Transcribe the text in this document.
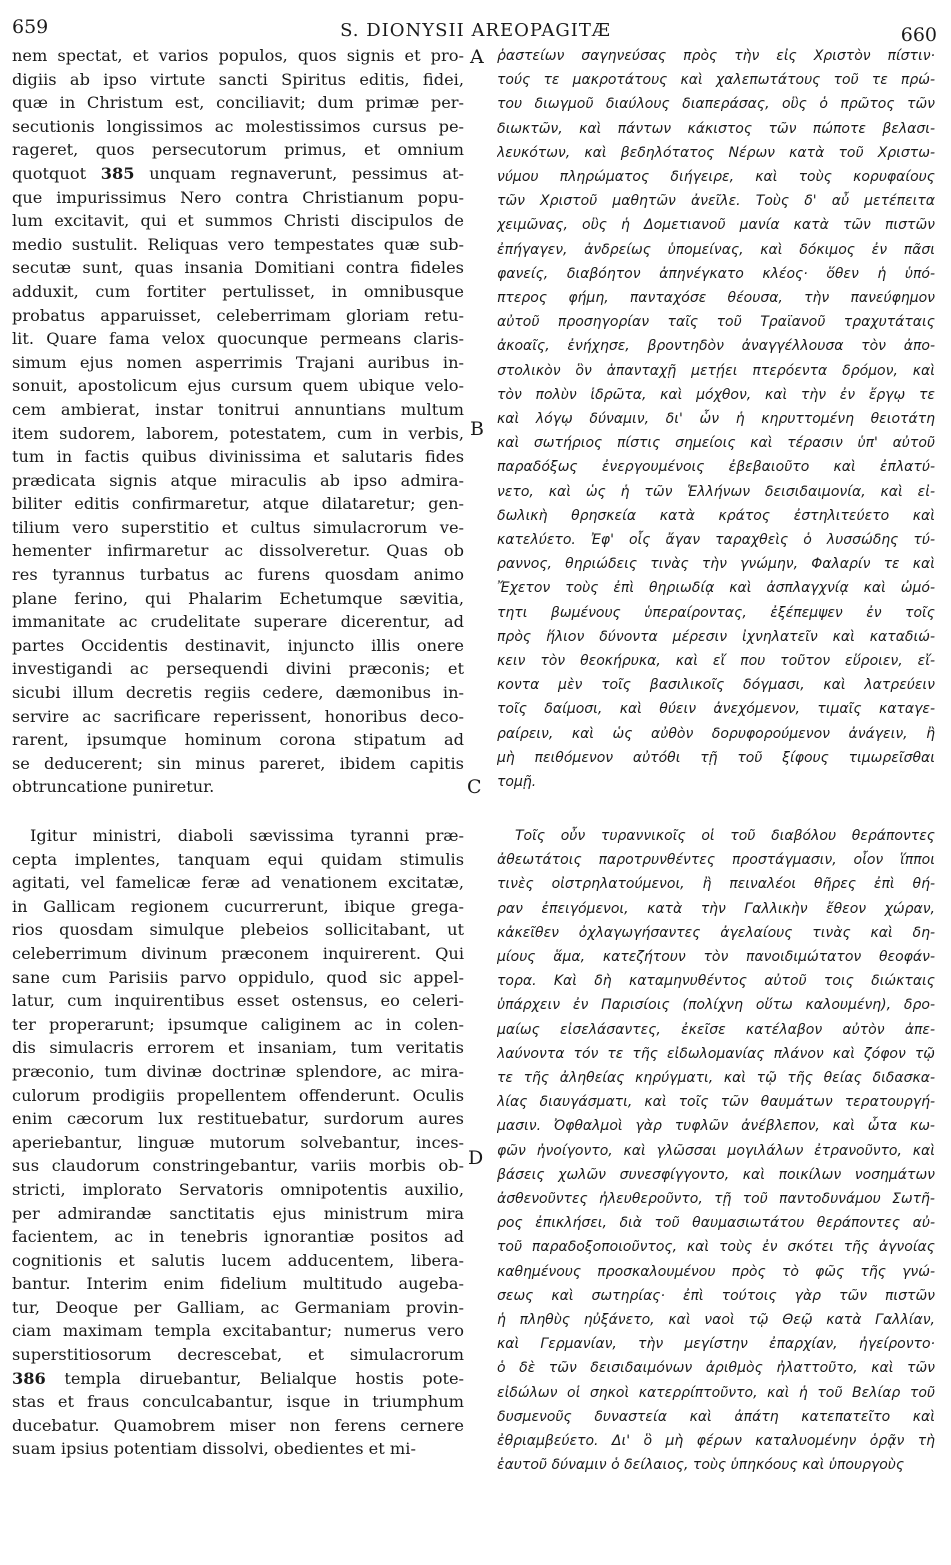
659	S. DIONYSII AREOPAGITÆ	660
A
B
C
D
nem spectat, et varios populos, quos signis et pro-
digiis ab ipso virtute sancti Spiritus editis, fidei,
quæ in Christum est, conciliavit; dum primæ per-
secutionis longissimos ac molestissimos cursus pe-
rageret, quos persecutorum primus, et omnium
quotquot 385 unquam regnaverunt, pessimus at-
que impurissimus Nero contra Christianum popu-
lum excitavit, qui et summos Christi discipulos de
medio sustulit. Reliquas vero tempestates quæ sub-
secutæ sunt, quas insania Domitiani contra fideles
adduxit, cum fortiter pertulisset, in omnibusque
probatus apparuisset, celeberrimam gloriam retu-
lit. Quare fama velox quocunque permeans claris-
simum ejus nomen asperrimis Trajani auribus in-
sonuit, apostolicum ejus cursum quem ubique velo-
cem ambierat, instar tonitrui annuntians multum
item sudorem, laborem, potestatem, cum in verbis,
tum in factis quibus divinissima et salutaris fides
prædicata signis atque miraculis ab ipso admira-
biliter editis confirmaretur, atque dilataretur; gen-
tilium vero superstitio et cultus simulacrorum ve-
hementer infirmaretur ac dissolveretur. Quas ob
res tyrannus turbatus ac furens quosdam animo
plane ferino, qui Phalarim Echetumque sævitia,
immanitate ac crudelitate superare dicerentur, ad
partes Occidentis destinavit, injuncto illis onere
investigandi ac persequendi divini præconis; et
sicubi illum decretis regiis cedere, dæmonibus in-
servire ac sacrificare reperissent, honoribus deco-
rarent, ipsumque hominum corona stipatum ad
se deducerent; sin minus pareret, ibidem capitis
obtruncatione puniretur.
ῥαστείων σαγηνεύσας πρὸς τὴν εἰς Χριστὸν πίστιν·
τούς τε μακροτάτους καὶ χαλεπωτάτους τοῦ τε πρώ-
του διωγμοῦ διαύλους διαπεράσας, οὓς ὁ πρῶτος τῶν
διωκτῶν, καὶ πάντων κάκιστος τῶν πώποτε βελασι-
λευκότων, καὶ βεδηλότατος Νέρων κατὰ τοῦ Χριστω-
νύμου πληρώματος διήγειρε, καὶ τοὺς κορυφαίους
τῶν Χριστοῦ μαθητῶν ἀνεῖλε. Τοὺς δ' αὖ μετέπειτα
χειμῶνας, οὓς ἡ Δομετιανοῦ μανία κατὰ τῶν πιστῶν
ἐπήγαγεν, ἀνδρείως ὑπομείνας, καὶ δόκιμος ἐν πᾶσι
φανείς, διαβόητον ἀπηνέγκατο κλέος· ὅθεν ἡ ὑπό-
πτερος φήμη, πανταχόσε θέουσα, τὴν πανεύφημον
αὐτοῦ προσηγορίαν ταῖς τοῦ Τραϊανοῦ τραχυτάταις
ἀκοαῖς, ἐνήχησε, βροντηδὸν ἀναγγέλλουσα τὸν ἀπο-
στολικὸν ὃν ἁπανταχῇ μετῄει πτερόεντα δρόμον, καὶ
τὸν πολὺν ἱδρῶτα, καὶ μόχθον, καὶ τὴν ἐν ἔργῳ τε
καὶ λόγῳ δύναμιν, δι' ὧν ἡ κηρυττομένη θειοτάτη
καὶ σωτήριος πίστις σημείοις καὶ τέρασιν ὑπ' αὐτοῦ
παραδόξως ἐνεργουμένοις ἐβεβαιοῦτο καὶ ἐπλατύ-
νετο, καὶ ὡς ἡ τῶν Ἑλλήνων δεισιδαιμονία, καὶ εἰ-
δωλικὴ θρησκεία κατὰ κράτος ἐστηλιτεύετο καὶ
κατελύετο. Ἐφ' οἷς ἄγαν ταραχθεὶς ὁ λυσσώδης τύ-
ραννος, θηριώδεις τινὰς τὴν γνώμην, Φαλαρίν τε καὶ
Ἔχετον τοὺς ἐπὶ θηριωδίᾳ καὶ ἀσπλαγχνίᾳ καὶ ὠμό-
τητι βωμένους ὑπεραίροντας, ἐξέπεμψεν ἐν τοῖς
πρὸς ἥλιον δύνοντα μέρεσιν ἰχνηλατεῖν καὶ καταδιώ-
κειν τὸν θεοκήρυκα, καὶ εἴ που τοῦτον εὕροιεν, εἴ-
κοντα μὲν τοῖς βασιλικοῖς δόγμασι, καὶ λατρεύειν
τοῖς δαίμοσι, καὶ θύειν ἀνεχόμενον, τιμαῖς καταγε-
ραίρειν, καὶ ὡς αὐθὸν δορυφορούμενον ἀνάγειν, ἢ
μὴ πειθόμενον αὐτόθι τῇ τοῦ ξίφους τιμωρεῖσθαι
τομῇ.
Igitur ministri, diaboli sævissima tyranni præ-
cepta implentes, tanquam equi quidam stimulis
agitati, vel famelicæ feræ ad venationem excitatæ,
in Gallicam regionem cucurrerunt, ibique grega-
rios quosdam simulque plebeios sollicitabant, ut
celeberrimum divinum præconem inquirerent. Qui
sane cum Parisiis parvo oppidulo, quod sic appel-
latur, cum inquirentibus esset ostensus, eo celeri-
ter properarunt; ipsumque caliginem ac in colen-
dis simulacris errorem et insaniam, tum veritatis
præconio, tum divinæ doctrinæ splendore, ac mira-
culorum prodigiis propellentem offenderunt. Oculis
enim cæcorum lux restituebatur, surdorum aures
aperiebantur, linguæ mutorum solvebantur, inces-
sus claudorum constringebantur, variis morbis ob-
stricti, implorato Servatoris omnipotentis auxilio,
per admirandæ sanctitatis ejus ministrum mira
facientem, ac in tenebris ignorantiæ positos ad
cognitionis et salutis lucem adducentem, libera-
bantur. Interim enim fidelium multitudo augeba-
tur, Deoque per Galliam, ac Germaniam provin-
ciam maximam templa excitabantur; numerus vero
superstitiosorum decrescebat, et simulacrorum
386 templa diruebantur, Belialque hostis pote-
stas et fraus conculcabantur, isque in triumphum
ducebatur. Quamobrem miser non ferens cernere
suam ipsius potentiam dissolvi, obedientes et mi-
Τοῖς οὖν τυραννικοῖς οἱ τοῦ διαβόλου θεράποντες
ἀθεωτάτοις παροτρυνθέντες προστάγμασιν, οἷον ἵπποι
τινὲς οἰστρηλατούμενοι, ἢ πειναλέοι θῆρες ἐπὶ θή-
ραν ἐπειγόμενοι, κατὰ τὴν Γαλλικὴν ἔθεον χώραν,
κἀκεῖθεν ὀχλαγωγήσαντες ἀγελαίους τινὰς καὶ δη-
μίους ἅμα, κατεζήτουν τὸν πανοιδιμώτατον θεοφάν-
τορα. Καὶ δὴ καταμηνυθέντος αὐτοῦ τοις διώκταις
ὑπάρχειν ἐν Παρισίοις (πολίχνη οὕτω καλουμένη), δρο-
μαίως εἰσελάσαντες, ἐκεῖσε κατέλαβον αὐτὸν ἀπε-
λαύνοντα τόν τε τῆς εἰδωλομανίας πλάνον καὶ ζόφον τῷ
τε τῆς ἀληθείας κηρύγματι, καὶ τῷ τῆς θείας διδασκα-
λίας διαυγάσματι, καὶ τοῖς τῶν θαυμάτων τερατουργή-
μασιν. Ὀφθαλμοὶ γὰρ τυφλῶν ἀνέβλεπον, καὶ ὦτα κω-
φῶν ἠνοίγοντο, καὶ γλῶσσαι μογιλάλων ἐτρανοῦντο, καὶ
βάσεις χωλῶν συνεσφίγγοντο, καὶ ποικίλων νοσημάτων
ἀσθενοῦντες ἠλευθεροῦντο, τῇ τοῦ παντοδυνάμου Σωτῆ-
ρος ἐπικλήσει, διὰ τοῦ θαυμασιωτάτου θεράποντες αὐ-
τοῦ παραδοξοποιοῦντος, καὶ τοὺς ἐν σκότει τῆς ἀγνοίας
καθημένους προσκαλουμένου πρὸς τὸ φῶς τῆς γνώ-
σεως καὶ σωτηρίας· ἐπὶ τούτοις γὰρ τῶν πιστῶν
ἡ πληθὺς ηὐξάνετο, καὶ ναοὶ τῷ Θεῷ κατὰ Γαλλίαν,
καὶ Γερμανίαν, τὴν μεγίστην ἐπαρχίαν, ἠγείροντο·
ὁ δὲ τῶν δεισιδαιμόνων ἀριθμὸς ἠλαττοῦτο, καὶ τῶν
εἰδώλων οἱ σηκοὶ κατερρίπτοῦντο, καὶ ἡ τοῦ Βελίαρ τοῦ
δυσμενοῦς δυναστεία καὶ ἀπάτη κατεπατεῖτο καὶ
ἐθριαμβεύετο. Δι' ὃ μὴ φέρων καταλυομένην ὁρᾷν τὴ
ἑαυτοῦ δύναμιν ὁ δείλαιος, τοὺς ὑπηκόους καὶ ὑπουργοὺς
